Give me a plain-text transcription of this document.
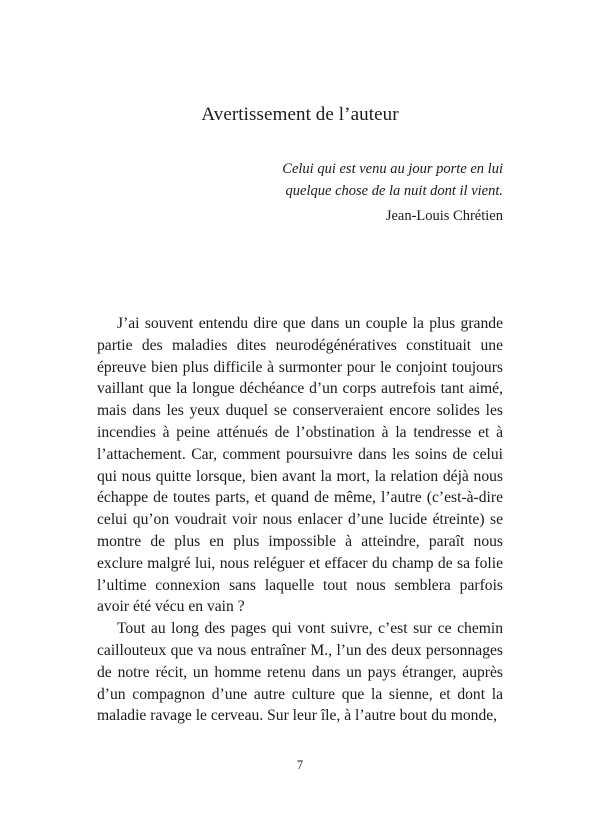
Avertissement de l’auteur
Celui qui est venu au jour porte en lui
quelque chose de la nuit dont il vient.
Jean-Louis Chrétien

J’ai souvent entendu dire que dans un couple la plus grande partie des maladies dites neurodégénératives constituait une épreuve bien plus difficile à surmonter pour le conjoint toujours vaillant que la longue déchéance d’un corps autrefois tant aimé, mais dans les yeux duquel se conserveraient encore solides les incendies à peine atténués de l’obstination à la tendresse et à l’attachement. Car, comment poursuivre dans les soins de celui qui nous quitte lorsque, bien avant la mort, la relation déjà nous échappe de toutes parts, et quand de même, l’autre (c’est-à-dire celui qu’on voudrait voir nous enlacer d’une lucide étreinte) se montre de plus en plus impossible à atteindre, paraît nous exclure malgré lui, nous reléguer et effacer du champ de sa folie l’ultime connexion sans laquelle tout nous semblera parfois avoir été vécu en vain ?

Tout au long des pages qui vont suivre, c’est sur ce chemin caillouteux que va nous entraîner M., l’un des deux personnages de notre récit, un homme retenu dans un pays étranger, auprès d’un compagnon d’une autre culture que la sienne, et dont la maladie ravage le cerveau. Sur leur île, à l’autre bout du monde,

7
